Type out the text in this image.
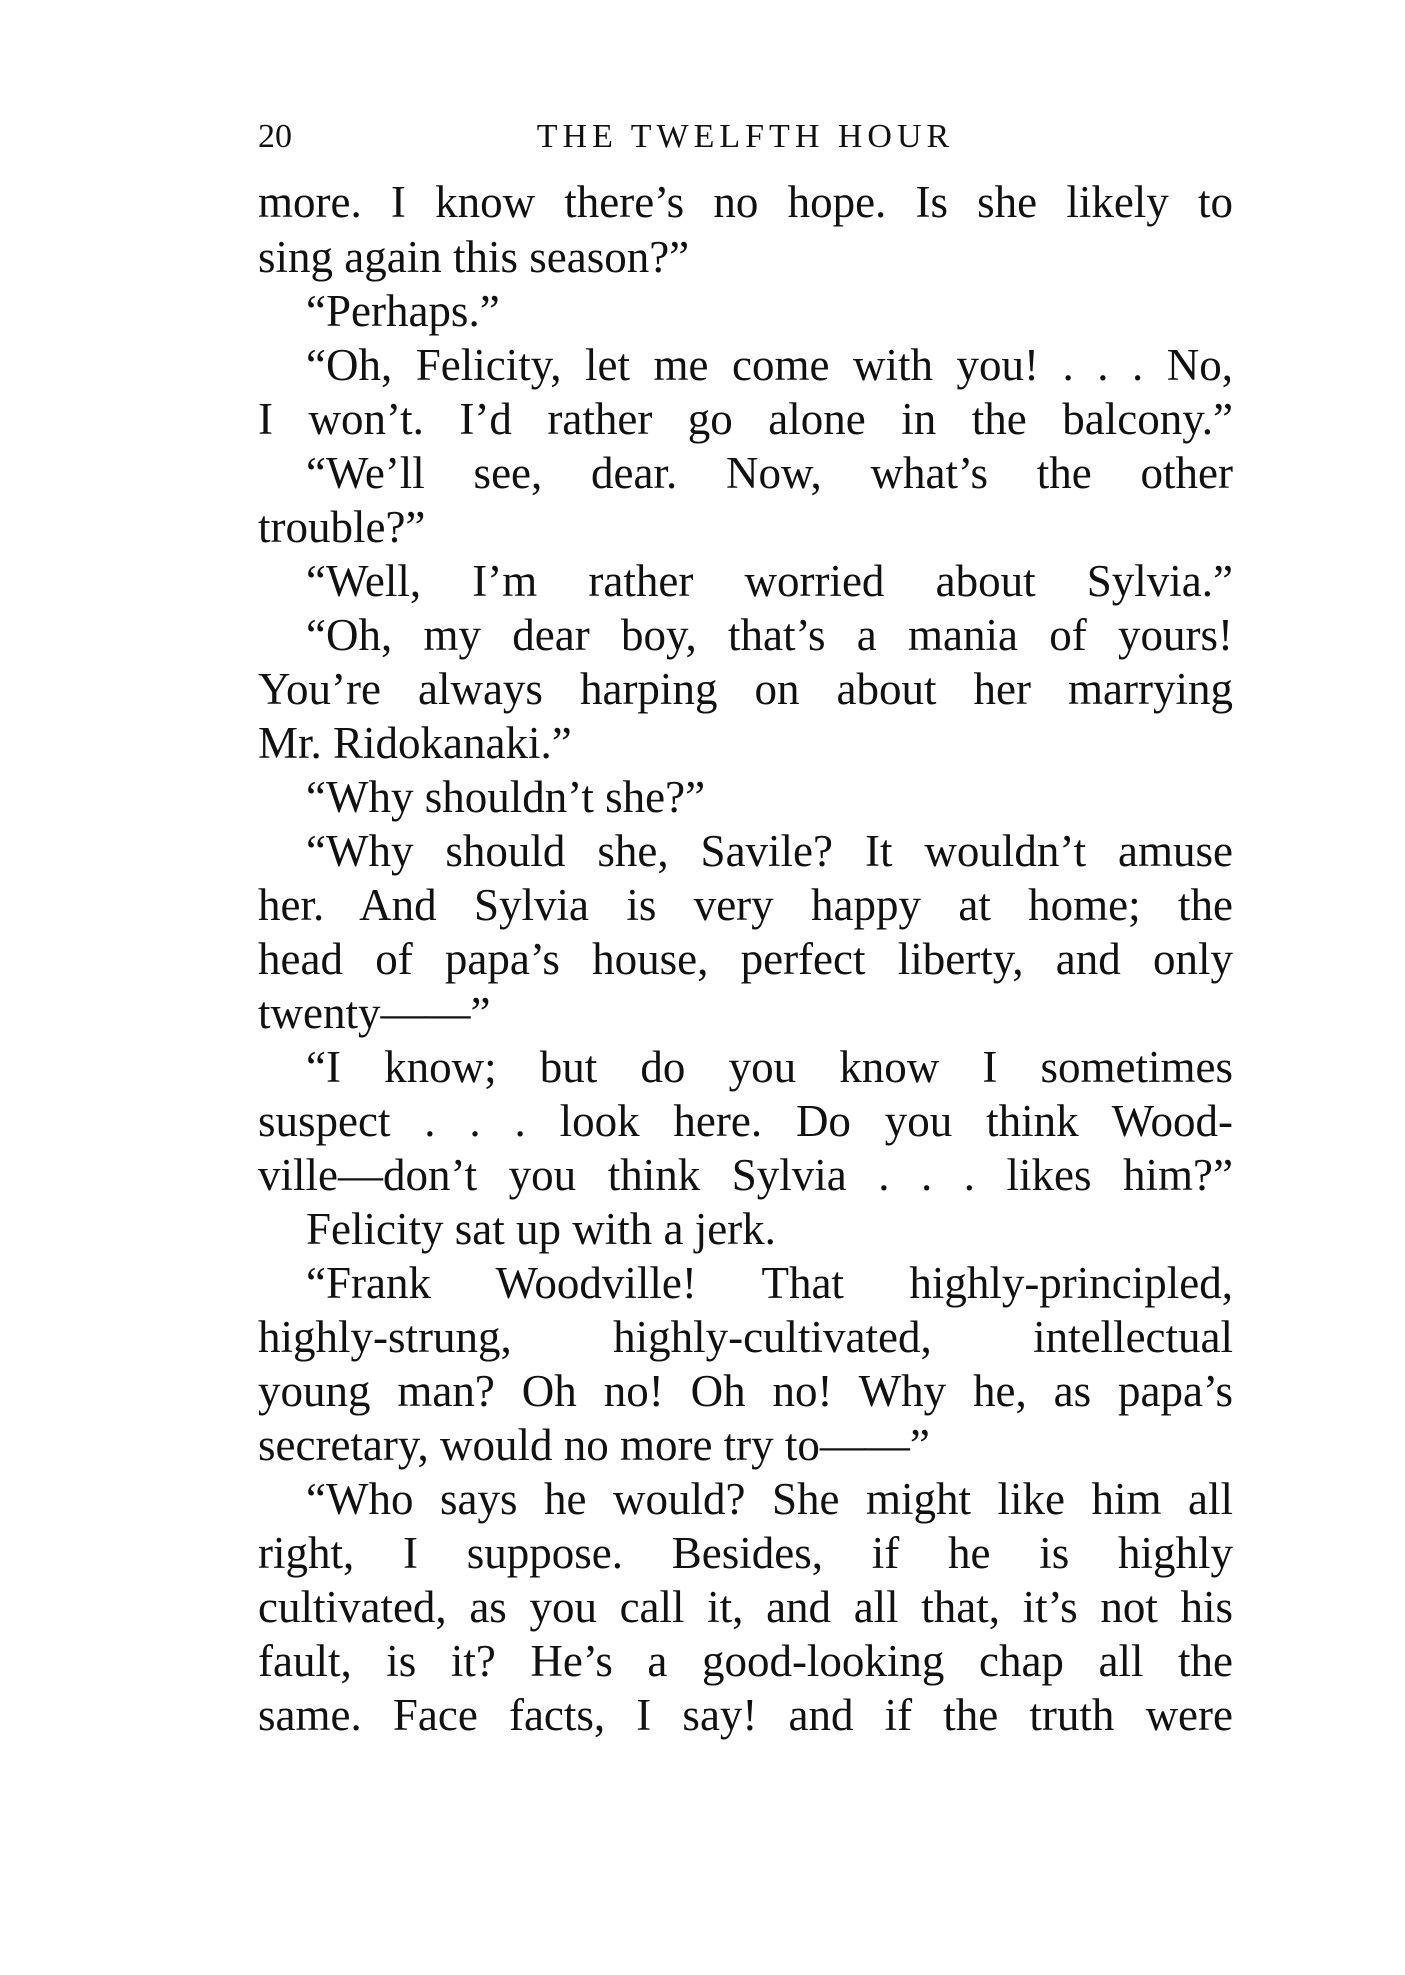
20	THE TWELFTH HOUR
more. I know there’s no hope. Is she likely to
sing again this season?”
“Perhaps.”
“Oh, Felicity, let me come with you! . . . No,
I won’t. I’d rather go alone in the balcony.”
“We’ll see, dear. Now, what’s the other
trouble?”
“Well, I’m rather worried about Sylvia.”
“Oh, my dear boy, that’s a mania of yours!
You’re always harping on about her marrying
Mr. Ridokanaki.”
“Why shouldn’t she?”
“Why should she, Savile? It wouldn’t amuse
her. And Sylvia is very happy at home; the
head of papa’s house, perfect liberty, and only
twenty——”
“I know; but do you know I sometimes
suspect . . . look here. Do you think Wood-
ville—don’t you think Sylvia . . . likes him?”
Felicity sat up with a jerk.
“Frank Woodville! That highly-principled,
highly-strung, highly-cultivated, intellectual
young man? Oh no! Oh no! Why he, as papa’s
secretary, would no more try to——”
“Who says he would? She might like him all
right, I suppose. Besides, if he is highly
cultivated, as you call it, and all that, it’s not his
fault, is it? He’s a good-looking chap all the
same. Face facts, I say! and if the truth were
